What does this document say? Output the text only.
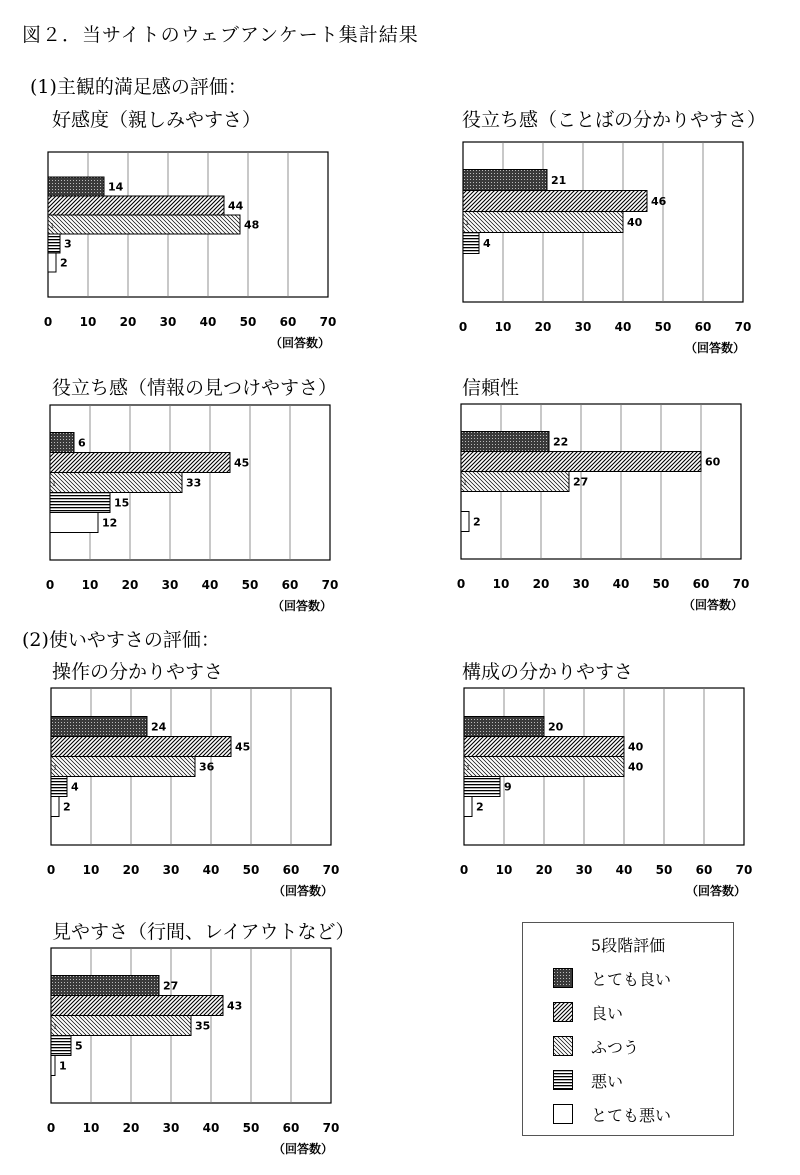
図２．当サイトのウェブアンケート集計結果
(1)主観的満足感の評価：
(2)使いやすさの評価：
好感度（親しみやすさ）	役立ち感（ことばの分かりやすさ）
役立ち感（情報の見つけやすさ）	信頼性
操作の分かりやすさ	構成の分かりやすさ
見やすさ（行間、レイアウトなど）
14
44
48
3
2
1
0 10 20 30 40 50 60 70
（回答数）
21
46
40
4
1
0 10 20 30 40 50 60 70
（回答数）
6
45
33
15
12
1
0 10 20 30 40 50 60 70
（回答数）
22
60
27
2
1
0 10 20 30 40 50 60 70
（回答数）
24
45
36
4
2
1
0 10 20 30 40 50 60 70
（回答数）
20
40
40
9
2
1
0 10 20 30 40 50 60 70
（回答数）
27
43
35
5
1
1
0 10 20 30 40 50 60 70
（回答数）
5段階評価
とても良い
良い
ふつう
悪い
とても悪い
